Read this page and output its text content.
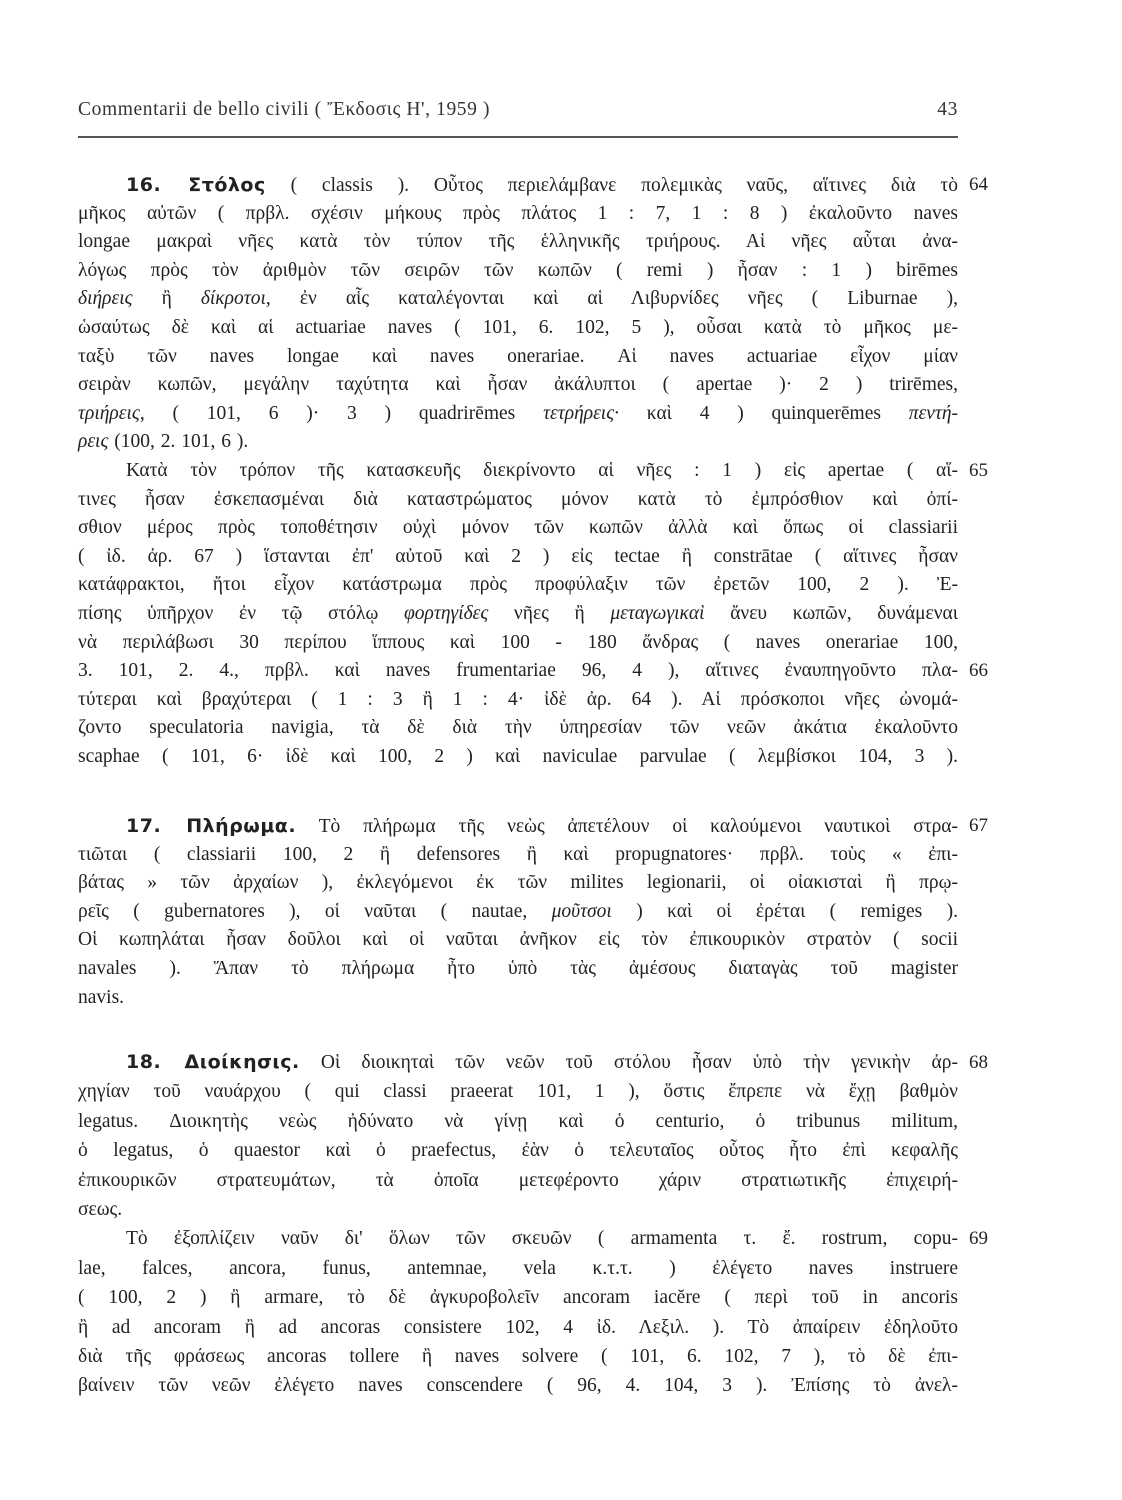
Commentarii de bello civili ( Ἔκδοσις Η', 1959 )	43
16. Στόλος ( classis ). Οὗτος περιελάμβανε πολεμικὰς ναῦς, αἵτινες διὰ τὸ 64
μῆκος αὐτῶν ( πρβλ. σχέσιν μήκους πρὸς πλάτος 1 : 7, 1 : 8 ) ἐκαλοῦντο naves
longae μακραὶ νῆες κατὰ τὸν τύπον τῆς ἑλληνικῆς τριήρους. Αἱ νῆες αὗται ἀνα-
λόγως πρὸς τὸν ἀριθμὸν τῶν σειρῶν τῶν κωπῶν ( remi ) ἦσαν : 1 ) birēmes
διήρεις ἢ δίκροτοι, ἐν αἷς καταλέγονται καὶ αἱ Λιβυρνίδες νῆες ( Liburnae ),
ὡσαύτως δὲ καὶ αἱ actuariae naves ( 101, 6. 102, 5 ), οὖσαι κατὰ τὸ μῆκος με-
ταξὺ τῶν naves longae καὶ naves onerariae. Αἱ naves actuariae εἶχον μίαν
σειρὰν κωπῶν, μεγάλην ταχύτητα καὶ ἦσαν ἀκάλυπτοι ( apertae )· 2 ) trirēmes,
τριήρεις, ( 101, 6 )· 3 ) quadrirēmes τετρήρεις· καὶ 4 ) quinquerēmes πεντή-
ρεις (100, 2. 101, 6 ).
Κατὰ τὸν τρόπον τῆς κατασκευῆς διεκρίνοντο αἱ νῆες : 1 ) εἰς apertae ( αἵ- 65
τινες ἦσαν ἐσκεπασμέναι διὰ καταστρώματος μόνον κατὰ τὸ ἐμπρόσθιον καὶ ὀπί-
σθιον μέρος πρὸς τοποθέτησιν οὐχὶ μόνον τῶν κωπῶν ἀλλὰ καὶ ὅπως οἱ classiarii
( ἰδ. ἀρ. 67 ) ἵστανται ἐπ' αὐτοῦ καὶ 2 ) εἰς tectae ἢ constrātae ( αἵτινες ἦσαν
κατάφρακτοι, ἤτοι εἶχον κατάστρωμα πρὸς προφύλαξιν τῶν ἐρετῶν 100, 2 ). Ἐ-
πίσης ὑπῆρχον ἐν τῷ στόλῳ φορτηγίδες νῆες ἢ μεταγωγικαὶ ἄνευ κωπῶν, δυνάμεναι
νὰ περιλάβωσι 30 περίπου ἵππους καὶ 100 - 180 ἄνδρας ( naves onerariae 100,
3. 101, 2. 4., πρβλ. καὶ naves frumentariae 96, 4 ), αἵτινες ἐναυπηγοῦντο πλα- 66
τύτεραι καὶ βραχύτεραι ( 1 : 3 ἢ 1 : 4· ἰδὲ ἀρ. 64 ). Αἱ πρόσκοποι νῆες ὠνομά-
ζοντο speculatoria navigia, τὰ δὲ διὰ τὴν ὑπηρεσίαν τῶν νεῶν ἀκάτια ἐκαλοῦντο
scaphae ( 101, 6· ἰδὲ καὶ 100, 2 ) καὶ naviculae parvulae ( λεμβίσκοι 104, 3 ).
17. Πλήρωμα. Τὸ πλήρωμα τῆς νεὼς ἀπετέλουν οἱ καλούμενοι ναυτικοὶ στρα- 67
τιῶται ( classiarii 100, 2 ἢ defensores ἢ καὶ propugnatores· πρβλ. τοὺς « ἐπι-
βάτας » τῶν ἀρχαίων ), ἐκλεγόμενοι ἐκ τῶν milites legionarii, οἱ οἰακισταὶ ἢ πρῳ-
ρεῖς ( gubernatores ), οἱ ναῦται ( nautae, μοῦτσοι ) καὶ οἱ ἐρέται ( remiges ).
Οἱ κωπηλάται ἦσαν δοῦλοι καὶ οἱ ναῦται ἀνῆκον εἰς τὸν ἐπικουρικὸν στρατὸν ( socii
navales ). Ἅπαν τὸ πλήρωμα ἦτο ὑπὸ τὰς ἀμέσους διαταγὰς τοῦ magister
navis.
18. Διοίκησις. Οἱ διοικηταὶ τῶν νεῶν τοῦ στόλου ἦσαν ὑπὸ τὴν γενικὴν ἀρ- 68
χηγίαν τοῦ ναυάρχου ( qui classi praeerat 101, 1 ), ὅστις ἔπρεπε νὰ ἔχῃ βαθμὸν
legatus. Διοικητὴς νεὼς ἠδύνατο νὰ γίνῃ καὶ ὁ centurio, ὁ tribunus militum,
ὁ legatus, ὁ quaestor καὶ ὁ praefectus, ἐὰν ὁ τελευταῖος οὗτος ἦτο ἐπὶ κεφαλῆς
ἐπικουρικῶν στρατευμάτων, τὰ ὁποῖα μετεφέροντο χάριν στρατιωτικῆς ἐπιχειρή-
σεως.
Τὸ ἐξοπλίζειν ναῦν δι' ὅλων τῶν σκευῶν ( armamenta τ. ἔ. rostrum, copu- 69
lae, falces, ancora, funus, antemnae, vela κ.τ.τ. ) ἐλέγετο naves instruere
( 100, 2 ) ἢ armare, τὸ δὲ ἀγκυροβολεῖν ancoram iacĕre ( περὶ τοῦ in ancoris
ἢ ad ancoram ἢ ad ancoras consistere 102, 4 ἰδ. Λεξιλ. ). Τὸ ἀπαίρειν ἐδηλοῦτο
διὰ τῆς φράσεως ancoras tollere ἢ naves solvere ( 101, 6. 102, 7 ), τὸ δὲ ἐπι-
βαίνειν τῶν νεῶν ἐλέγετο naves conscendere ( 96, 4. 104, 3 ). Ἐπίσης τὸ ἀνελ-
